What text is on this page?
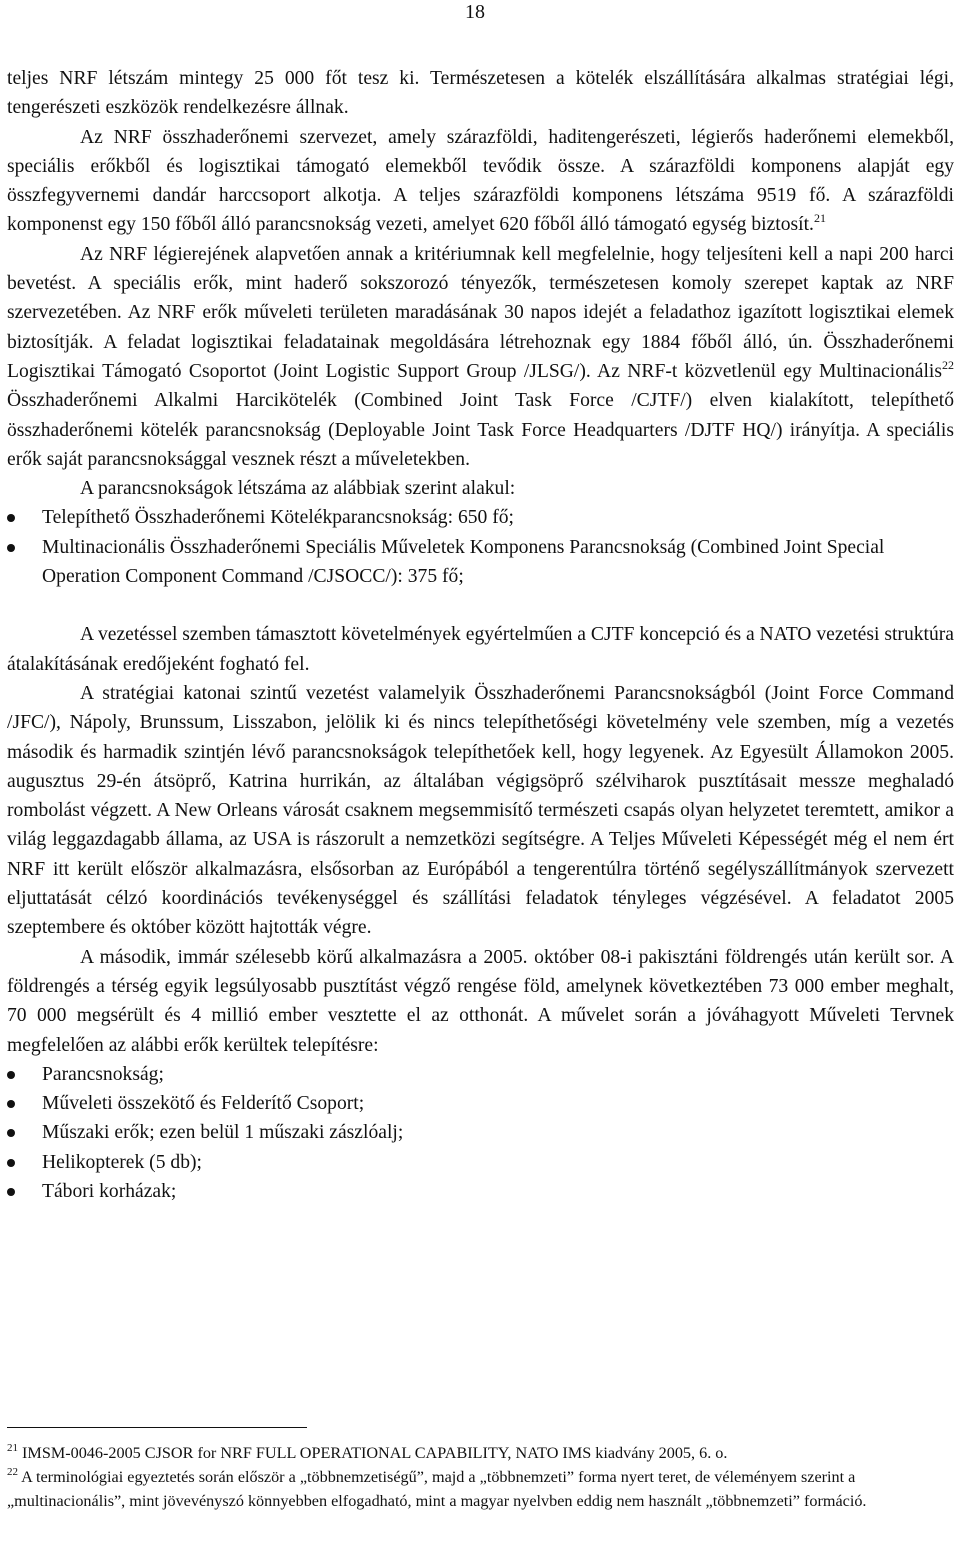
18

teljes NRF létszám mintegy 25 000 főt tesz ki. Természetesen a kötelék elszállítására alkalmas stratégiai légi, tengerészeti eszközök rendelkezésre állnak.

Az NRF összhaderőnemi szervezet, amely szárazföldi, haditengerészeti, légierős haderőnemi elemekből, speciális erőkből és logisztikai támogató elemekből tevődik össze. A szárazföldi komponens alapját egy összfegyvernemi dandár harccsoport alkotja. A teljes szárazföldi komponens létszáma 9519 fő. A szárazföldi komponenst egy 150 főből álló parancsnokság vezeti, amelyet 620 főből álló támogató egység biztosít.$^{21}$

Az NRF légierejének alapvetően annak a kritériumnak kell megfelelnie, hogy teljesíteni kell a napi 200 harci bevetést. A speciális erők, mint haderő sokszorozó tényezők, természetesen komoly szerepet kaptak az NRF szervezetében. Az NRF erők műveleti területen maradásának 30 napos idejét a feladathoz igazított logisztikai elemek biztosítják. A feladat logisztikai feladatainak megoldására létrehoznak egy 1884 főből álló, ún. Összhaderőnemi Logisztikai Támogató Csoportot (Joint Logistic Support Group /JLSG/). Az NRF-t közvetlenül egy Multinacionális$^{22}$ Összhaderőnemi Alkalmi Harcikötelék (Combined Joint Task Force /CJTF/) elven kialakított, telepíthető összhaderőnemi kötelék parancsnokság (Deployable Joint Task Force Headquarters /DJTF HQ/) irányítja. A speciális erők saját parancsnoksággal vesznek részt a műveletekben.

A parancsnokságok létszáma az alábbiak szerint alakul:

Telepíthető Összhaderőnemi Kötelékparancsnokság: 650 fő;
Multinacionális Összhaderőnemi Speciális Műveletek Komponens Parancsnokság (Combined Joint Special Operation Component Command /CJSOCC/): 375 fő;

A vezetéssel szemben támasztott követelmények egyértelműen a CJTF koncepció és a NATO vezetési struktúra átalakításának eredőjeként fogható fel.

A stratégiai katonai szintű vezetést valamelyik Összhaderőnemi Parancsnokságból (Joint Force Command /JFC/), Nápoly, Brunssum, Lisszabon, jelölik ki és nincs telepíthetőségi követelmény vele szemben, míg a vezetés második és harmadik szintjén lévő parancsnokságok telepíthetőek kell, hogy legyenek. Az Egyesült Államokon 2005. augusztus 29-én átsöprő, Katrina hurrikán, az általában végigsöprő szélviharok pusztításait messze meghaladó rombolást végzett. A New Orleans városát csaknem megsemmisítő természeti csapás olyan helyzetet teremtett, amikor a világ leggazdagabb állama, az USA is rászorult a nemzetközi segítségre. A Teljes Műveleti Képességét még el nem ért NRF itt került először alkalmazásra, elsősorban az Európából a tengerentúlra történő segélyszállítmányok szervezett eljuttatását célzó koordinációs tevékenységgel és szállítási feladatok tényleges végzésével. A feladatot 2005 szeptembere és október között hajtották végre.

A második, immár szélesebb körű alkalmazásra a 2005. október 08-i pakisztáni földrengés után került sor. A földrengés a térség egyik legsúlyosabb pusztítást végző rengése föld, amelynek következtében 73 000 ember meghalt, 70 000 megsérült és 4 millió ember vesztette el az otthonát. A művelet során a jóváhagyott Műveleti Tervnek megfelelően az alábbi erők kerültek telepítésre:

Parancsnokság;
Műveleti összekötő és Felderítő Csoport;
Műszaki erők; ezen belül 1 műszaki zászlóalj;
Helikopterek (5 db);
Tábori korházak;

$^{21}$ IMSM-0046-2005 CJSOR for NRF FULL OPERATIONAL CAPABILITY, NATO IMS kiadvány 2005, 6. o.

$^{22}$ A terminológiai egyeztetés során először a „többnemzetiségű”, majd a „többnemzeti” forma nyert teret, de véleményem szerint a „multinacionális”, mint jövevényszó könnyebben elfogadható, mint a magyar nyelvben eddig nem használt „többnemzeti” formáció.
